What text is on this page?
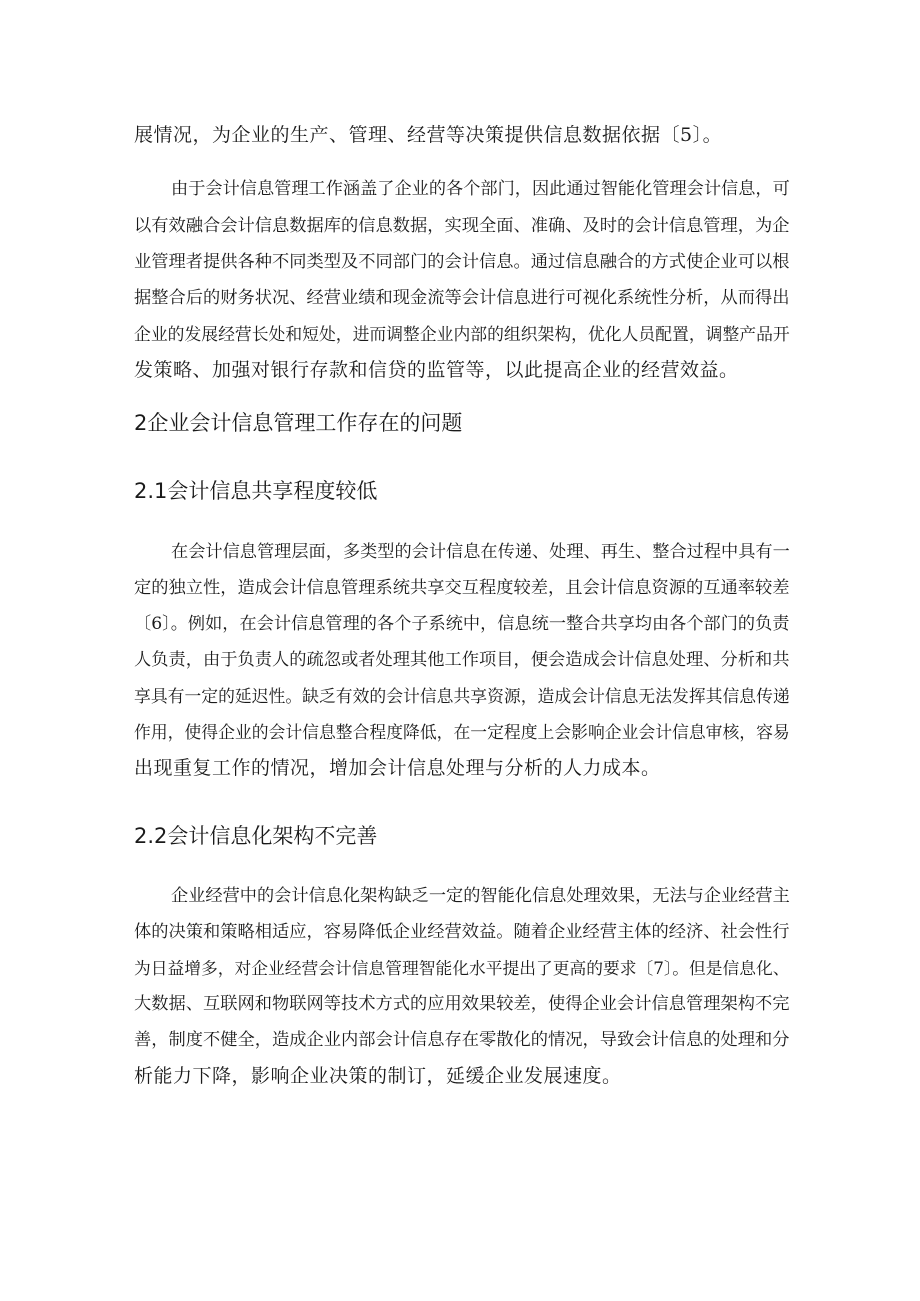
展情况，为企业的生产、管理、经营等决策提供信息数据依据〔5〕。
由于会计信息管理工作涵盖了企业的各个部门，因此通过智能化管理会计信息，可
以有效融合会计信息数据库的信息数据，实现全面、准确、及时的会计信息管理，为企
业管理者提供各种不同类型及不同部门的会计信息。通过信息融合的方式使企业可以根
据整合后的财务状况、经营业绩和现金流等会计信息进行可视化系统性分析，从而得出
企业的发展经营长处和短处，进而调整企业内部的组织架构，优化人员配置，调整产品开
发策略、加强对银行存款和信贷的监管等，以此提高企业的经营效益。
2企业会计信息管理工作存在的问题
2.1会计信息共享程度较低
在会计信息管理层面，多类型的会计信息在传递、处理、再生、整合过程中具有一
定的独立性，造成会计信息管理系统共享交互程度较差，且会计信息资源的互通率较差
〔6〕。例如，在会计信息管理的各个子系统中，信息统一整合共享均由各个部门的负责
人负责，由于负责人的疏忽或者处理其他工作项目，便会造成会计信息处理、分析和共
享具有一定的延迟性。缺乏有效的会计信息共享资源，造成会计信息无法发挥其信息传递
作用，使得企业的会计信息整合程度降低，在一定程度上会影响企业会计信息审核，容易
出现重复工作的情况，增加会计信息处理与分析的人力成本。
2.2会计信息化架构不完善
企业经营中的会计信息化架构缺乏一定的智能化信息处理效果，无法与企业经营主
体的决策和策略相适应，容易降低企业经营效益。随着企业经营主体的经济、社会性行
为日益增多，对企业经营会计信息管理智能化水平提出了更高的要求〔7〕。但是信息化、
大数据、互联网和物联网等技术方式的应用效果较差，使得企业会计信息管理架构不完
善，制度不健全，造成企业内部会计信息存在零散化的情况，导致会计信息的处理和分
析能力下降，影响企业决策的制订，延缓企业发展速度。
